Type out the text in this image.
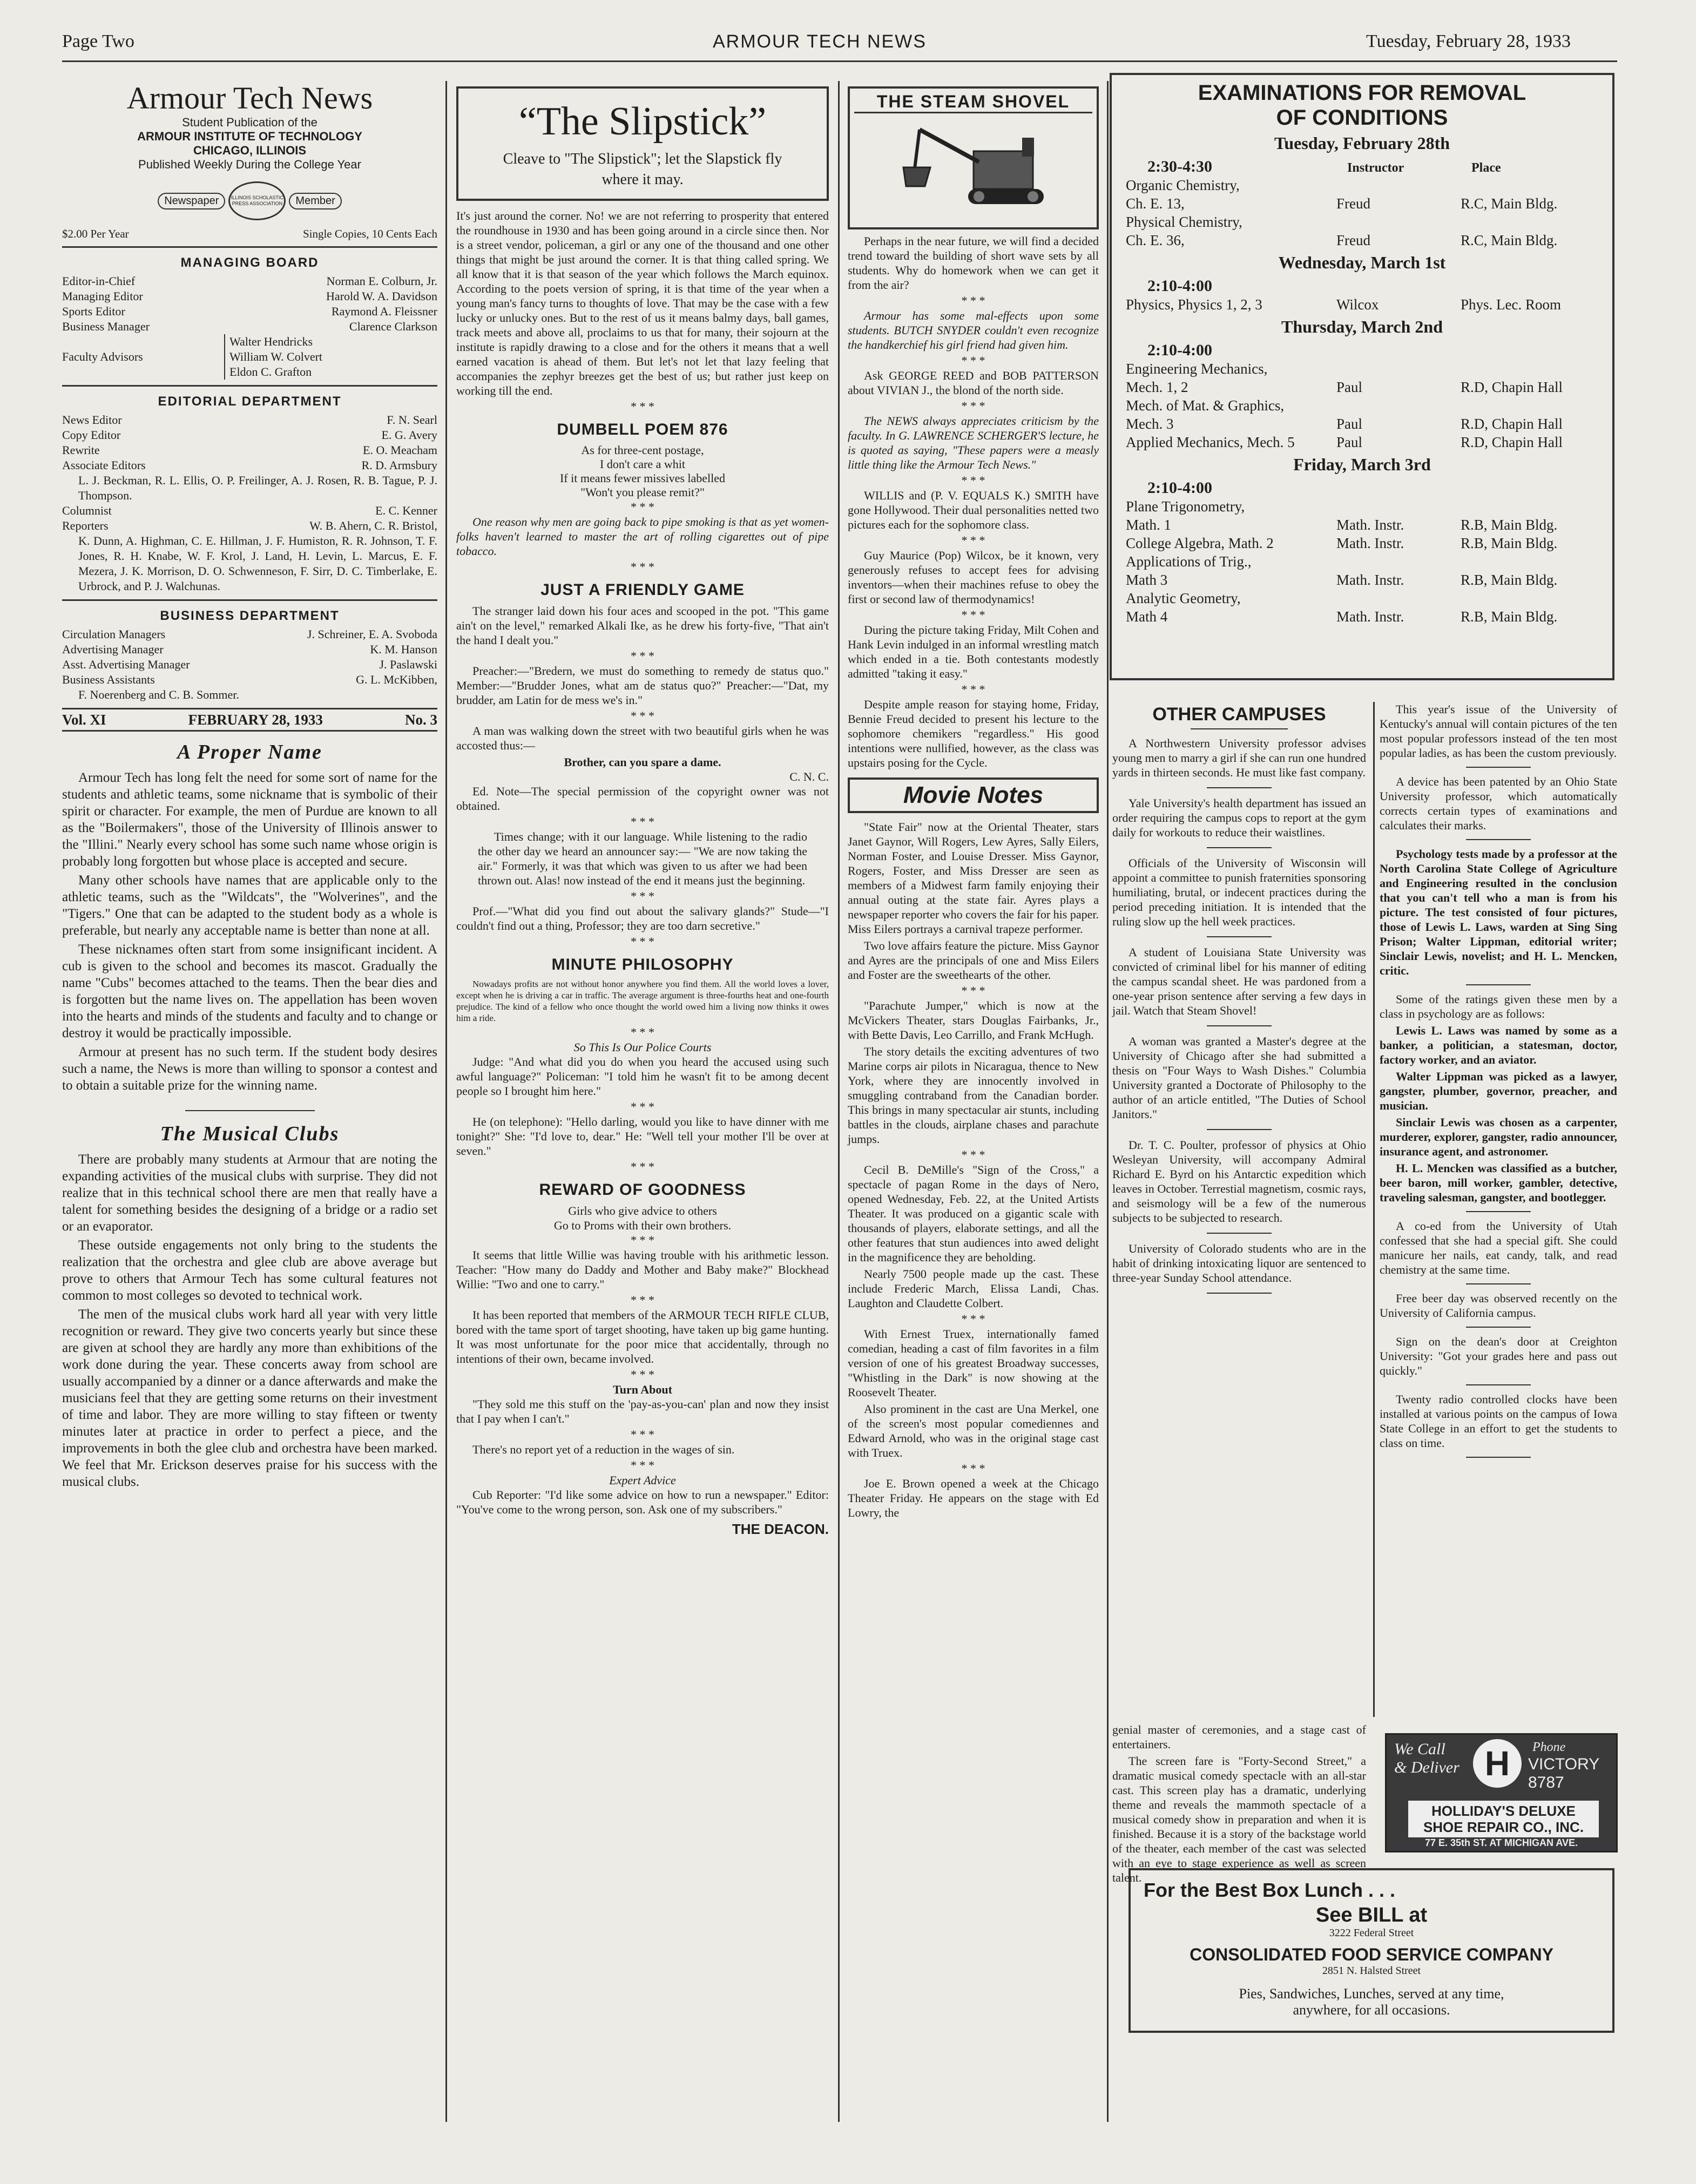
Page Two	ARMOUR TECH NEWS	Tuesday, February 28, 1933
Armour Tech News
Student Publication of the
ARMOUR INSTITUTE OF TECHNOLOGY
CHICAGO, ILLINOIS
Published Weekly During the College Year
Newspaper	ILLINOIS SCHOLASTIC PRESS ASSOCIATION	Member
$2.00 Per Year	Single Copies, 10 Cents Each
MANAGING BOARD
Editor-in-Chief	Norman E. Colburn, Jr.
Managing Editor	Harold W. A. Davidson
Sports Editor	Raymond A. Fleissner
Business Manager	Clarence Clarkson
Faculty Advisors
Walter Hendricks
William W. Colvert
Eldon C. Grafton
EDITORIAL DEPARTMENT
News Editor	F. N. Searl
Copy Editor	E. G. Avery
Rewrite	E. O. Meacham
Associate Editors	R. D. Armsbury
L. J. Beckman, R. L. Ellis, O. P. Freilinger, A. J. Rosen, R. B. Tague, P. J. Thompson.
Columnist	E. C. Kenner
Reporters	W. B. Ahern, C. R. Bristol,
K. Dunn, A. Highman, C. E. Hillman, J. F. Humiston, R. R. Johnson, T. F. Jones, R. H. Knabe, W. F. Krol, J. Land, H. Levin, L. Marcus, E. F. Mezera, J. K. Morrison, D. O. Schwenneson, F. Sirr, D. C. Timberlake, E. Urbrock, and P. J. Walchunas.
BUSINESS DEPARTMENT
Circulation Managers	J. Schreiner, E. A. Svoboda
Advertising Manager	K. M. Hanson
Asst. Advertising Manager	J. Paslawski
Business Assistants	G. L. McKibben,
F. Noerenberg and C. B. Sommer.
Vol. XI	FEBRUARY 28, 1933	No. 3
A Proper Name

Armour Tech has long felt the need for some sort of name for the students and athletic teams, some nickname that is symbolic of their spirit or character. For example, the men of Purdue are known to all as the "Boilermakers", those of the University of Illinois answer to the "Illini." Nearly every school has some such name whose origin is probably long forgotten but whose place is accepted and secure.

Many other schools have names that are applicable only to the athletic teams, such as the "Wildcats", the "Wolverines", and the "Tigers." One that can be adapted to the student body as a whole is preferable, but nearly any acceptable name is better than none at all.

These nicknames often start from some insignificant incident. A cub is given to the school and becomes its mascot. Gradually the name "Cubs" becomes attached to the teams. Then the bear dies and is forgotten but the name lives on. The appellation has been woven into the hearts and minds of the students and faculty and to change or destroy it would be practically impossible.

Armour at present has no such term. If the student body desires such a name, the News is more than willing to sponsor a contest and to obtain a suitable prize for the winning name.

The Musical Clubs

There are probably many students at Armour that are noting the expanding activities of the musical clubs with surprise. They did not realize that in this technical school there are men that really have a talent for something besides the designing of a bridge or a radio set or an evaporator.

These outside engagements not only bring to the students the realization that the orchestra and glee club are above average but prove to others that Armour Tech has some cultural features not common to most colleges so devoted to technical work.

The men of the musical clubs work hard all year with very little recognition or reward. They give two concerts yearly but since these are given at school they are hardly any more than exhibitions of the work done during the year. These concerts away from school are usually accompanied by a dinner or a dance afterwards and make the musicians feel that they are getting some returns on their investment of time and labor. They are more willing to stay fifteen or twenty minutes later at practice in order to perfect a piece, and the improvements in both the glee club and orchestra have been marked. We feel that Mr. Erickson deserves praise for his success with the musical clubs.

“The Slipstick”
Cleave to "The Slipstick"; let the Slapstick fly where it may.

It's just around the corner. No! we are not referring to prosperity that entered the roundhouse in 1930 and has been going around in a circle since then. Nor is a street vendor, policeman, a girl or any one of the thousand and one other things that might be just around the corner. It is that thing called spring. We all know that it is that season of the year which follows the March equinox. According to the poets version of spring, it is that time of the year when a young man's fancy turns to thoughts of love. That may be the case with a few lucky or unlucky ones. But to the rest of us it means balmy days, ball games, track meets and above all, proclaims to us that for many, their sojourn at the institute is rapidly drawing to a close and for the others it means that a well earned vacation is ahead of them. But let's not let that lazy feeling that accompanies the zephyr breezes get the best of us; but rather just keep on working till the end.

* * *
DUMBELL POEM 876
As for three-cent postage,
I don't care a whit
If it means fewer missives labelled
"Won't you please remit?"
* * *

One reason why men are going back to pipe smoking is that as yet women-folks haven't learned to master the art of rolling cigarettes out of pipe tobacco.

* * *
JUST A FRIENDLY GAME

The stranger laid down his four aces and scooped in the pot. "This game ain't on the level," remarked Alkali Ike, as he drew his forty-five, "That ain't the hand I dealt you."

* * *

Preacher:—"Bredern, we must do something to remedy de status quo." Member:—"Brudder Jones, what am de status quo?" Preacher:—"Dat, my brudder, am Latin for de mess we's in."

* * *

A man was walking down the street with two beautiful girls when he was accosted thus:—

Brother, can you spare a dame.
C. N. C.

Ed. Note—The special permission of the copyright owner was not obtained.

* * *

Times change; with it our language. While listening to the radio the other day we heard an announcer say:— "We are now taking the air." Formerly, it was that which was given to us after we had been thrown out. Alas! now instead of the end it means just the beginning.

* * *

Prof.—"What did you find out about the salivary glands?" Stude—"I couldn't find out a thing, Professor; they are too darn secretive."

* * *
MINUTE PHILOSOPHY

Nowadays profits are not without honor anywhere you find them. All the world loves a lover, except when he is driving a car in traffic. The average argument is three-fourths heat and one-fourth prejudice. The kind of a fellow who once thought the world owed him a living now thinks it owes him a ride.

* * *
So This Is Our Police Courts

Judge: "And what did you do when you heard the accused using such awful language?" Policeman: "I told him he wasn't fit to be among decent people so I brought him here."

* * *

He (on telephone): "Hello darling, would you like to have dinner with me tonight?" She: "I'd love to, dear." He: "Well tell your mother I'll be over at seven."

* * *
REWARD OF GOODNESS
Girls who give advice to others
Go to Proms with their own brothers.
* * *

It seems that little Willie was having trouble with his arithmetic lesson. Teacher: "How many do Daddy and Mother and Baby make?" Blockhead Willie: "Two and one to carry."

* * *

It has been reported that members of the ARMOUR TECH RIFLE CLUB, bored with the tame sport of target shooting, have taken up big game hunting. It was most unfortunate for the poor mice that accidentally, through no intentions of their own, became involved.

* * *
Turn About

"They sold me this stuff on the 'pay-as-you-can' plan and now they insist that I pay when I can't."

* * *

There's no report yet of a reduction in the wages of sin.

* * *
Expert Advice

Cub Reporter: "I'd like some advice on how to run a newspaper." Editor: "You've come to the wrong person, son. Ask one of my subscribers."

THE DEACON.
THE STEAM SHOVEL

Perhaps in the near future, we will find a decided trend toward the building of short wave sets by all students. Why do homework when we can get it from the air?

* * *

Armour has some mal-effects upon some students. BUTCH SNYDER couldn't even recognize the handkerchief his girl friend had given him.

* * *

Ask GEORGE REED and BOB PATTERSON about VIVIAN J., the blond of the north side.

* * *

The NEWS always appreciates criticism by the faculty. In G. LAWRENCE SCHERGER'S lecture, he is quoted as saying, "These papers were a measly little thing like the Armour Tech News."

* * *

WILLIS and (P. V. EQUALS K.) SMITH have gone Hollywood. Their dual personalities netted two pictures each for the sophomore class.

* * *

Guy Maurice (Pop) Wilcox, be it known, very generously refuses to accept fees for advising inventors—when their machines refuse to obey the first or second law of thermodynamics!

* * *

During the picture taking Friday, Milt Cohen and Hank Levin indulged in an informal wrestling match which ended in a tie. Both contestants modestly admitted "taking it easy."

* * *

Despite ample reason for staying home, Friday, Bennie Freud decided to present his lecture to the sophomore chemikers "regardless." His good intentions were nullified, however, as the class was upstairs posing for the Cycle.

Movie Notes

"State Fair" now at the Oriental Theater, stars Janet Gaynor, Will Rogers, Lew Ayres, Sally Eilers, Norman Foster, and Louise Dresser. Miss Gaynor, Rogers, Foster, and Miss Dresser are seen as members of a Midwest farm family enjoying their annual outing at the state fair. Ayres plays a newspaper reporter who covers the fair for his paper. Miss Eilers portrays a carnival trapeze performer.

Two love affairs feature the picture. Miss Gaynor and Ayres are the principals of one and Miss Eilers and Foster are the sweethearts of the other.

* * *

"Parachute Jumper," which is now at the McVickers Theater, stars Douglas Fairbanks, Jr., with Bette Davis, Leo Carrillo, and Frank McHugh.

The story details the exciting adventures of two Marine corps air pilots in Nicaragua, thence to New York, where they are innocently involved in smuggling contraband from the Canadian border. This brings in many spectacular air stunts, including battles in the clouds, airplane chases and parachute jumps.

* * *

Cecil B. DeMille's "Sign of the Cross," a spectacle of pagan Rome in the days of Nero, opened Wednesday, Feb. 22, at the United Artists Theater. It was produced on a gigantic scale with thousands of players, elaborate settings, and all the other features that stun audiences into awed delight in the magnificence they are beholding.

Nearly 7500 people made up the cast. These include Frederic March, Elissa Landi, Chas. Laughton and Claudette Colbert.

* * *

With Ernest Truex, internationally famed comedian, heading a cast of film favorites in a film version of one of his greatest Broadway successes, "Whistling in the Dark" is now showing at the Roosevelt Theater.

Also prominent in the cast are Una Merkel, one of the screen's most popular comediennes and Edward Arnold, who was in the original stage cast with Truex.

* * *

Joe E. Brown opened a week at the Chicago Theater Friday. He appears on the stage with Ed Lowry, the

EXAMINATIONS FOR REMOVAL
OF CONDITIONS
Tuesday, February 28th
2:30-4:30	Instructor	Place
Organic Chemistry,
Ch. E. 13,	Freud	R.C, Main Bldg.
Physical Chemistry,
Ch. E. 36,	Freud	R.C, Main Bldg.
Wednesday, March 1st
2:10-4:00
Physics, Physics 1, 2, 3	Wilcox	Phys. Lec. Room
Thursday, March 2nd
2:10-4:00
Engineering Mechanics,
Mech. 1, 2	Paul	R.D, Chapin Hall
Mech. of Mat. & Graphics,
Mech. 3	Paul	R.D, Chapin Hall
Applied Mechanics, Mech. 5	Paul	R.D, Chapin Hall
Friday, March 3rd
2:10-4:00
Plane Trigonometry,
Math. 1	Math. Instr.	R.B, Main Bldg.
College Algebra, Math. 2	Math. Instr.	R.B, Main Bldg.
Applications of Trig.,
Math 3	Math. Instr.	R.B, Main Bldg.
Analytic Geometry,
Math 4	Math. Instr.	R.B, Main Bldg.
OTHER CAMPUSES

A Northwestern University professor advises young men to marry a girl if she can run one hundred yards in thirteen seconds. He must like fast company.

Yale University's health department has issued an order requiring the campus cops to report at the gym daily for workouts to reduce their waistlines.

Officials of the University of Wisconsin will appoint a committee to punish fraternities sponsoring humiliating, brutal, or indecent practices during the period preceding initiation. It is intended that the ruling slow up the hell week practices.

A student of Louisiana State University was convicted of criminal libel for his manner of editing the campus scandal sheet. He was pardoned from a one-year prison sentence after serving a few days in jail. Watch that Steam Shovel!

A woman was granted a Master's degree at the University of Chicago after she had submitted a thesis on "Four Ways to Wash Dishes." Columbia University granted a Doctorate of Philosophy to the author of an article entitled, "The Duties of School Janitors."

Dr. T. C. Poulter, professor of physics at Ohio Wesleyan University, will accompany Admiral Richard E. Byrd on his Antarctic expedition which leaves in October. Terrestial magnetism, cosmic rays, and seismology will be a few of the numerous subjects to be subjected to research.

University of Colorado students who are in the habit of drinking intoxicating liquor are sentenced to three-year Sunday School attendance.

This year's issue of the University of Kentucky's annual will contain pictures of the ten most popular professors instead of the ten most popular ladies, as has been the custom previously.

A device has been patented by an Ohio State University professor, which automatically corrects certain types of examinations and calculates their marks.

Psychology tests made by a professor at the North Carolina State College of Agriculture and Engineering resulted in the conclusion that you can't tell who a man is from his picture. The test consisted of four pictures, those of Lewis L. Laws, warden at Sing Sing Prison; Walter Lippman, editorial writer; Sinclair Lewis, novelist; and H. L. Mencken, critic.

Some of the ratings given these men by a class in psychology are as follows:

Lewis L. Laws was named by some as a banker, a politician, a statesman, doctor, factory worker, and an aviator.

Walter Lippman was picked as a lawyer, gangster, plumber, governor, preacher, and musician.

Sinclair Lewis was chosen as a carpenter, murderer, explorer, gangster, radio announcer, insurance agent, and astronomer.

H. L. Mencken was classified as a butcher, beer baron, mill worker, gambler, detective, traveling salesman, gangster, and bootlegger.

A co-ed from the University of Utah confessed that she had a special gift. She could manicure her nails, eat candy, talk, and read chemistry at the same time.

Free beer day was observed recently on the University of California campus.

Sign on the dean's door at Creighton University: "Got your grades here and pass out quickly."

Twenty radio controlled clocks have been installed at various points on the campus of Iowa State College in an effort to get the students to class on time.

genial master of ceremonies, and a stage cast of entertainers.

The screen fare is "Forty-Second Street," a dramatic musical comedy spectacle with an all-star cast. This screen play has a dramatic, underlying theme and reveals the mammoth spectacle of a musical comedy show in preparation and when it is finished. Because it is a story of the backstage world of the theater, each member of the cast was selected with an eye to stage experience as well as screen talent.

We Call
& Deliver H	Phone
VICTORY 8787
HOLLIDAY'S DELUXE SHOE REPAIR CO., INC.
77 E. 35th ST. AT MICHIGAN AVE.
For the Best Box Lunch . . .
See BILL at
3222 Federal Street
CONSOLIDATED FOOD SERVICE COMPANY
2851 N. Halsted Street
Pies, Sandwiches, Lunches, served at any time,
anywhere, for all occasions.
